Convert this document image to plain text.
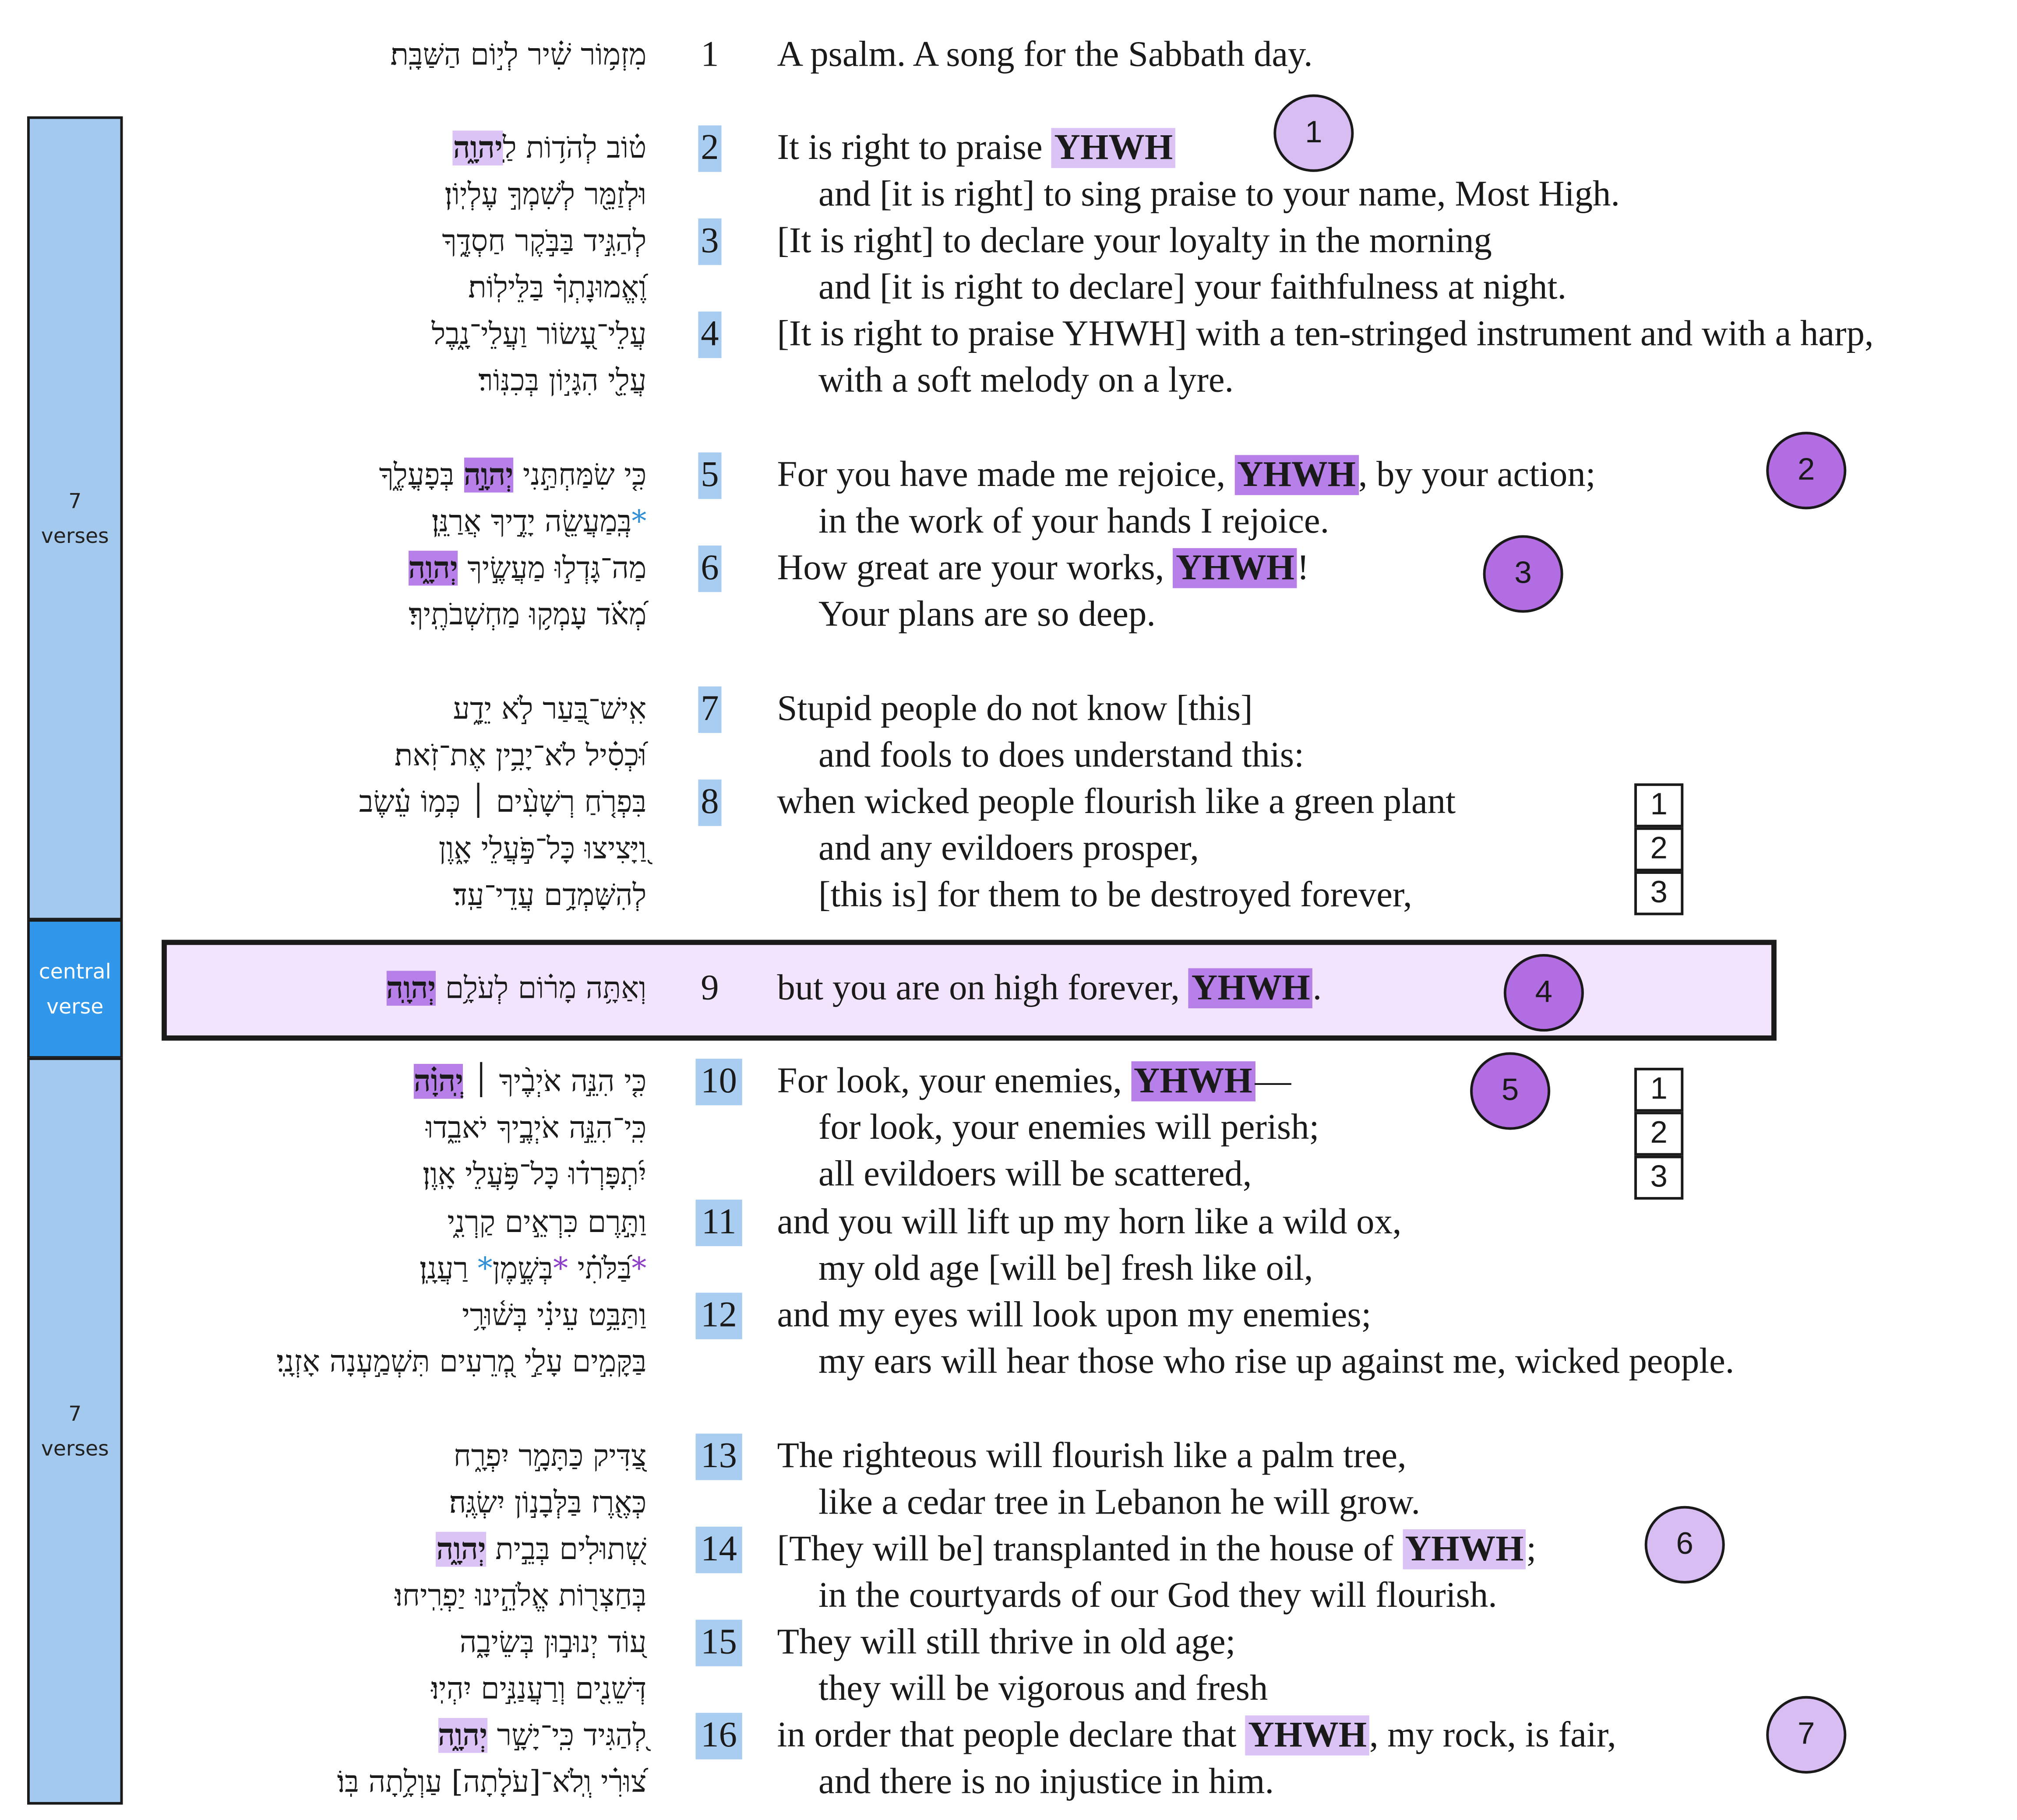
7
verses
central
verse
7
verses
מִזְמ֥וֹר שִׁ֗יר לְי֣וֹם הַשַּׁבָּֽת׃	1	A psalm. A song for the Sabbath day.
ט֗וֹב לְהֹד֥וֹת לַֽיהוָ֑ה	2	It is right to praise YHWH
וּלְזַמֵּ֖ר לְשִׁמְךָ֣ עֶלְיֽוֹן׃	and [it is right] to sing praise to your name, Most High.
לְהַגִּ֣יד בַּבֹּ֣קֶר חַסְדֶּ֑ךָ	3	[It is right] to declare your loyalty in the morning
וֶ֝אֱמוּנָתְךָ֗ בַּלֵּילֽוֹת׃	and [it is right to declare] your faithfulness at night.
עֲלֵי־עָ֭שׂוֹר וַעֲלֵי־נָ֑בֶל	4	[It is right to praise YHWH] with a ten-stringed instrument and with a harp,
עֲלֵ֖י הִגָּי֣וֹן בְּכִנּֽוֹר׃	with a soft melody on a lyre.
כִּ֤י שִׂמַּחְתַּ֣נִי יְהוָ֣ה בְּפָעֳלֶ֑ךָ	5	For you have made me rejoice, YHWH , by your action;
*בְּֽמַעֲשֵׂ֖ה יָדֶ֣יךָ אֲרַנֵּֽן׃	in the work of your hands I rejoice.
מַה־גָּדְל֣וּ מַעֲשֶׂ֣יךָ יְהוָ֑ה	6	How great are your works, YHWH !
מְ֝אֹ֗ד עָמְק֥וּ מַחְשְׁבֹתֶֽיךָ׃	Your plans are so deep.
אִֽישׁ־בַּ֭עַר לֹ֣א יֵדָ֑ע	7	Stupid people do not know [this]
וּ֝כְסִ֗יל לֹא־יָבִ֥ין אֶת־זֹֽאת׃	and fools to does understand this:
בִּפְרֹ֤חַ רְשָׁעִ֨ים ׀ כְּמ֥וֹ עֵ֗שֶׂב	8	when wicked people flourish like a green plant
וַ֭יָּצִיצוּ כָּל־פֹּ֣עֲלֵי אָ֑וֶן	and any evildoers prosper,
לְהִשָּׁמְדָ֥ם עֲדֵי־עַֽד׃	[this is] for them to be destroyed forever,
וְאַתָּ֥ה מָר֗וֹם לְעֹלָ֥ם יְהוָֽה	9	but you are on high forever, YHWH .
כִּ֤י הִנֵּ֣ה אֹיְבֶ֨יךָ ׀ יְֽהוָ֗ה	10	For look, your enemies, YHWH —
כִּֽי־הִנֵּ֣ה אֹיְבֶ֣יךָ יֹאבֵ֑דוּ	for look, your enemies will perish;
יִ֝תְפָּרְד֗וּ כָּל־פֹּ֥עֲלֵי אָֽוֶן׃	all evildoers will be scattered,
וַתָּ֣רֶם כִּרְאֵ֣ים קַרְנִ֑י	11	and you will lift up my horn like a wild ox,
*בַּ֝לֹּתִ֗י *בְּשֶׁ֣מֶן* רַעֲנָֽן׃	my old age [will be] fresh like oil,
וַתַּבֵּ֥ט עֵינִ֗י בְּשׁ֫וּרָ֥י	12	and my eyes will look upon my enemies;
בַּקָּמִ֣ים עָלַ֣י מְ֭רֵעִים תִּשְׁמַ֣עְנָה אָזְנָֽי׃	my ears will hear those who rise up against me, wicked people.
צַ֭דִּיק כַּתָּמָ֣ר יִפְרָ֑ח	13	The righteous will flourish like a palm tree,
כְּאֶ֖רֶז בַּלְּבָנ֣וֹן יִשְׂגֶּֽה׃	like a cedar tree in Lebanon he will grow.
שְׁ֭תוּלִים בְּבֵ֣ית יְהוָ֑ה	14	[They will be] transplanted in the house of YHWH ;
בְּחַצְר֖וֹת אֱלֹהֵ֣ינוּ יַפְרִֽיחוּ׃	in the courtyards of our God they will flourish.
ע֭וֹד יְנוּב֣וּן בְּשֵׂיבָ֑ה	15	They will still thrive in old age;
דְּשֵׁנִ֖ים וְרַעֲנַנִּ֣ים יִהְיֽוּ׃	they will be vigorous and fresh
לְ֭הַגִּיד כִּֽי־יָשָׁ֣ר יְהוָ֑ה	16	in order that people declare that YHWH , my rock, is fair,
צ֝וּרִ֗י וְֽלֹא־[עֹלָתָה] עַוְלָ֥תָה בּֽוֹ׃	and there is no injustice in him.
1
2
3
4
5
6
7
1
2
3
1
2
3
